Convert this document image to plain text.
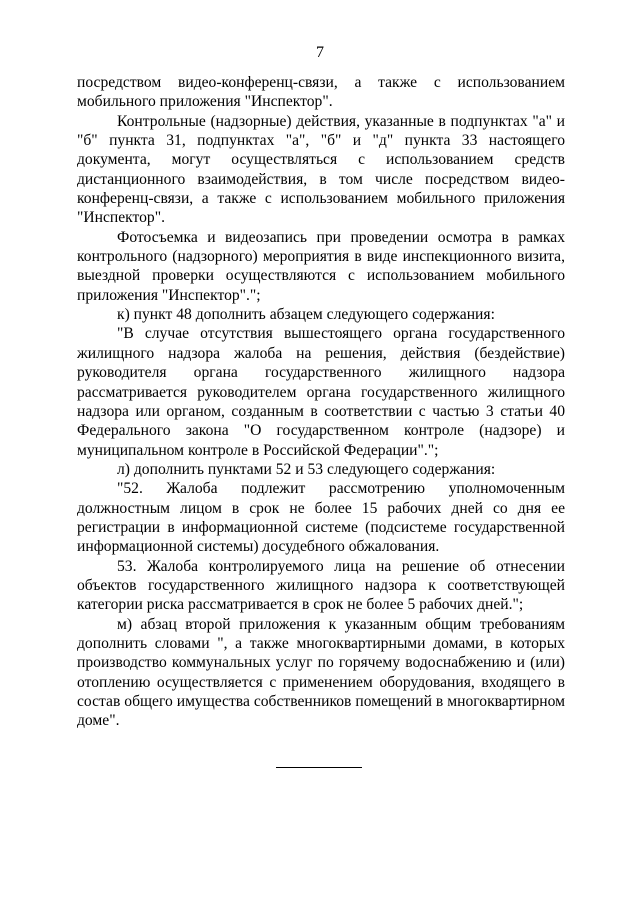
7

посредством видео-конференц-связи, а также с использованием мобильного приложения "Инспектор".

Контрольные (надзорные) действия, указанные в подпунктах "а" и "б" пункта 31, подпунктах "а", "б" и "д" пункта 33 настоящего документа, могут осуществляться с использованием средств дистанционного взаимодействия, в том числе посредством видео-конференц-связи, а также с использованием мобильного приложения "Инспектор".

Фотосъемка и видеозапись при проведении осмотра в рамках контрольного (надзорного) мероприятия в виде инспекционного визита, выездной проверки осуществляются с использованием мобильного приложения "Инспектор".";

к) пункт 48 дополнить абзацем следующего содержания:

"В случае отсутствия вышестоящего органа государственного жилищного надзора жалоба на решения, действия (бездействие) руководителя органа государственного жилищного надзора рассматривается руководителем органа государственного жилищного надзора или органом, созданным в соответствии с частью 3 статьи 40 Федерального закона "О государственном контроле (надзоре) и муниципальном контроле в Российской Федерации".";

л) дополнить пунктами 52 и 53 следующего содержания:

"52. Жалоба подлежит рассмотрению уполномоченным должностным лицом в срок не более 15 рабочих дней со дня ее регистрации в информационной системе (подсистеме государственной информационной системы) досудебного обжалования.

53. Жалоба контролируемого лица на решение об отнесении объектов государственного жилищного надзора к соответствующей категории риска рассматривается в срок не более 5 рабочих дней.";

м) абзац второй приложения к указанным общим требованиям дополнить словами ", а также многоквартирными домами, в которых производство коммунальных услуг по горячему водоснабжению и (или) отоплению осуществляется с применением оборудования, входящего в состав общего имущества собственников помещений в многоквартирном доме".
